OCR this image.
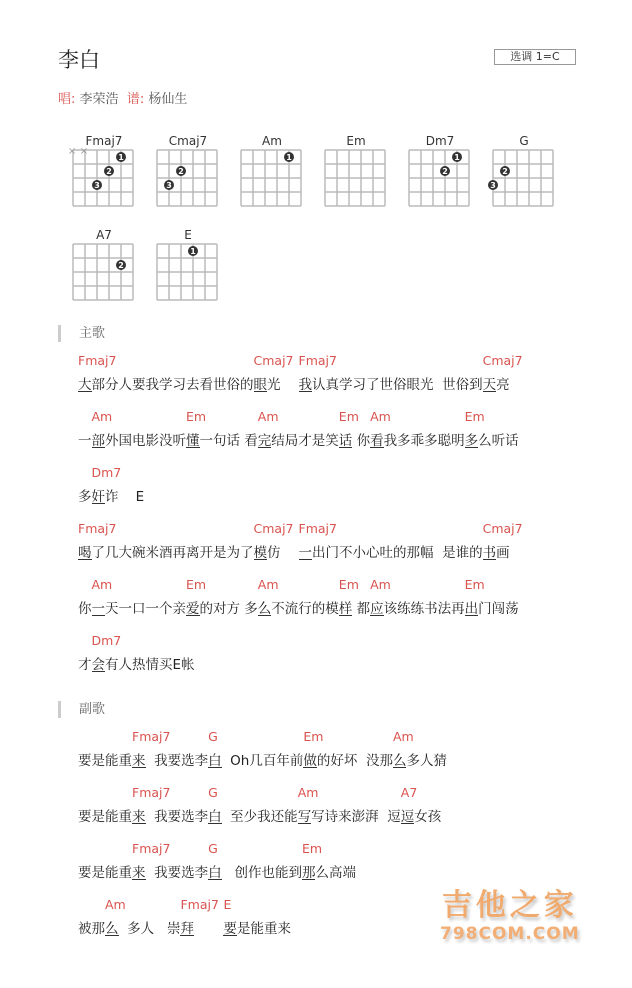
李白	选调 1=C
唱: 李荣浩 谱: 杨仙生
Fmaj7
× ×
1
2
3
Cmaj7
2
3
Am
1
Em	Dm7
1
2
G
2
3
A7
2
E
1
主歌
大部分人要我学习去看世俗的
Fmaj7
眼光
Cmaj7
我认真学习了世俗眼光  世俗到
Fmaj7
天亮
Cmaj7
一部外国电影没听
Am
懂一句话 看
Em
完结局才是笑
Am
话 你
Em
看我多乖多聪明
Am
多么听话
Em
多奸诈    E
Dm7
喝了几大碗米酒再离开是为了
Fmaj7
模仿
Cmaj7
一出门不小心吐的那幅  是谁的
Fmaj7
书画
Cmaj7
你一天一口一个亲
Am
爱的对方 多
Em
么不流行的模
Am
样 都
Em
应该练练书法再
Am
出门闯荡
Em
才会有人热情买E帐
Dm7
副歌
要是能重来  我要选李
Fmaj7
白  Oh几百年前
G
做的好坏  没那
Em
么多人猜
Am
要是能重来  我要选李
Fmaj7
白  至少我还能
G
写写诗来澎湃  逗
Am
逗女孩
A7
要是能重来  我要选李
Fmaj7
白   创作也能到
G
那么高端
Em
被那么  多人   崇
Am
拜
Fmaj7
要是能重来
E	吉他之家
798COM.COM
